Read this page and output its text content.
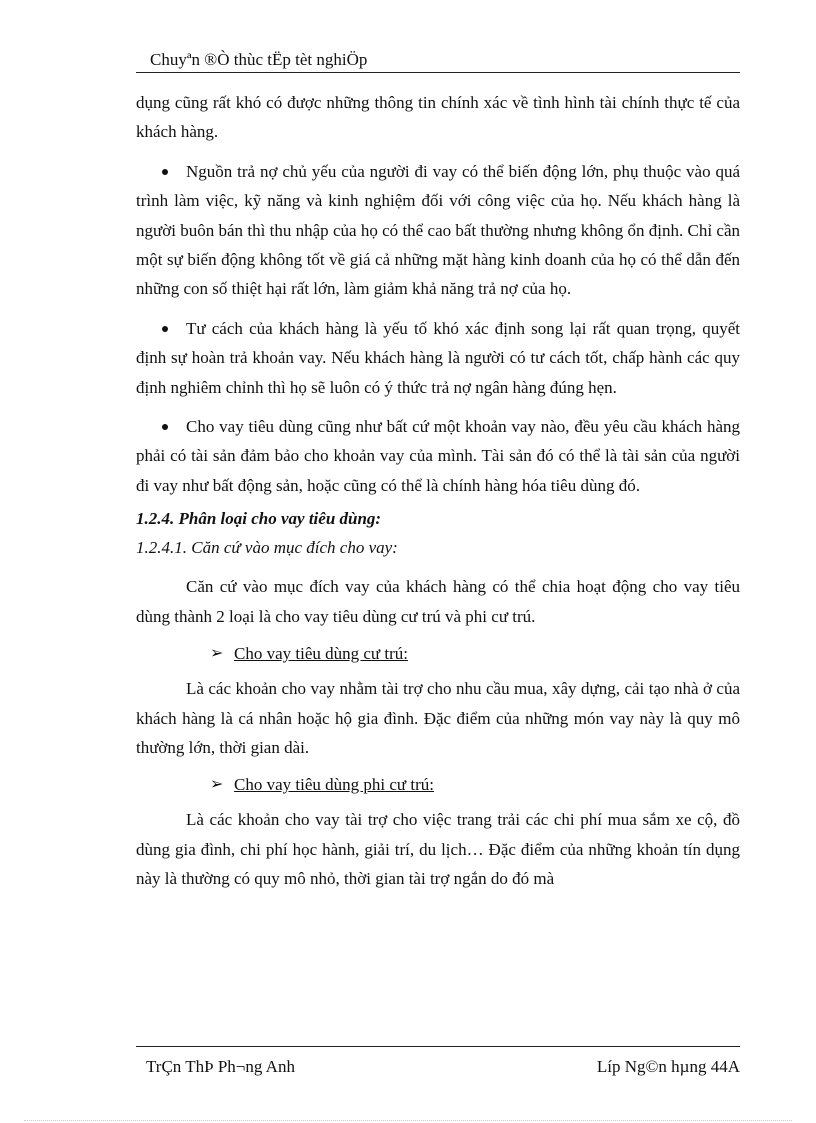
Chuyªn ®Ò thùc tËp tèt nghiÖp

dụng cũng rất khó có được những thông tin chính xác về tình hình tài chính thực tế của khách hàng.

Nguồn trả nợ chủ yếu của người đi vay có thể biến động lớn, phụ thuộc vào quá trình làm việc, kỹ năng và kinh nghiệm đối với công việc của họ. Nếu khách hàng là người buôn bán thì thu nhập của họ có thể cao bất thường nhưng không ổn định. Chỉ cần một sự biến động không tốt về giá cả những mặt hàng kinh doanh của họ có thể dẫn đến những con số thiệt hại rất lớn, làm giảm khả năng trả nợ của họ.

Tư cách của khách hàng là yếu tố khó xác định song lại rất quan trọng, quyết định sự hoàn trả khoản vay. Nếu khách hàng là người có tư cách tốt, chấp hành các quy định nghiêm chỉnh thì họ sẽ luôn có ý thức trả nợ ngân hàng đúng hẹn.

Cho vay tiêu dùng cũng như bất cứ một khoản vay nào, đều yêu cầu khách hàng phải có tài sản đảm bảo cho khoản vay của mình. Tài sản đó có thể là tài sản của người đi vay như bất động sản, hoặc cũng có thể là chính hàng hóa tiêu dùng đó.

1.2.4. Phân loại cho vay tiêu dùng:

1.2.4.1. Căn cứ vào mục đích cho vay:

Căn cứ vào mục đích vay của khách hàng có thể chia hoạt động cho vay tiêu dùng thành 2 loại là cho vay tiêu dùng cư trú và phi cư trú.

➢ Cho vay tiêu dùng cư trú:

Là các khoản cho vay nhằm tài trợ cho nhu cầu mua, xây dựng, cải tạo nhà ở của khách hàng là cá nhân hoặc hộ gia đình. Đặc điểm của những món vay này là quy mô thường lớn, thời gian dài.

➢ Cho vay tiêu dùng phi cư trú:

Là các khoản cho vay tài trợ cho việc trang trải các chi phí mua sắm xe cộ, đồ dùng gia đình, chi phí học hành, giải trí, du lịch… Đặc điểm của những khoản tín dụng này là thường có quy mô nhỏ, thời gian tài trợ ngắn do đó mà

TrÇn ThÞ Ph¬ng Anh	Líp Ng©n hµng 44A
